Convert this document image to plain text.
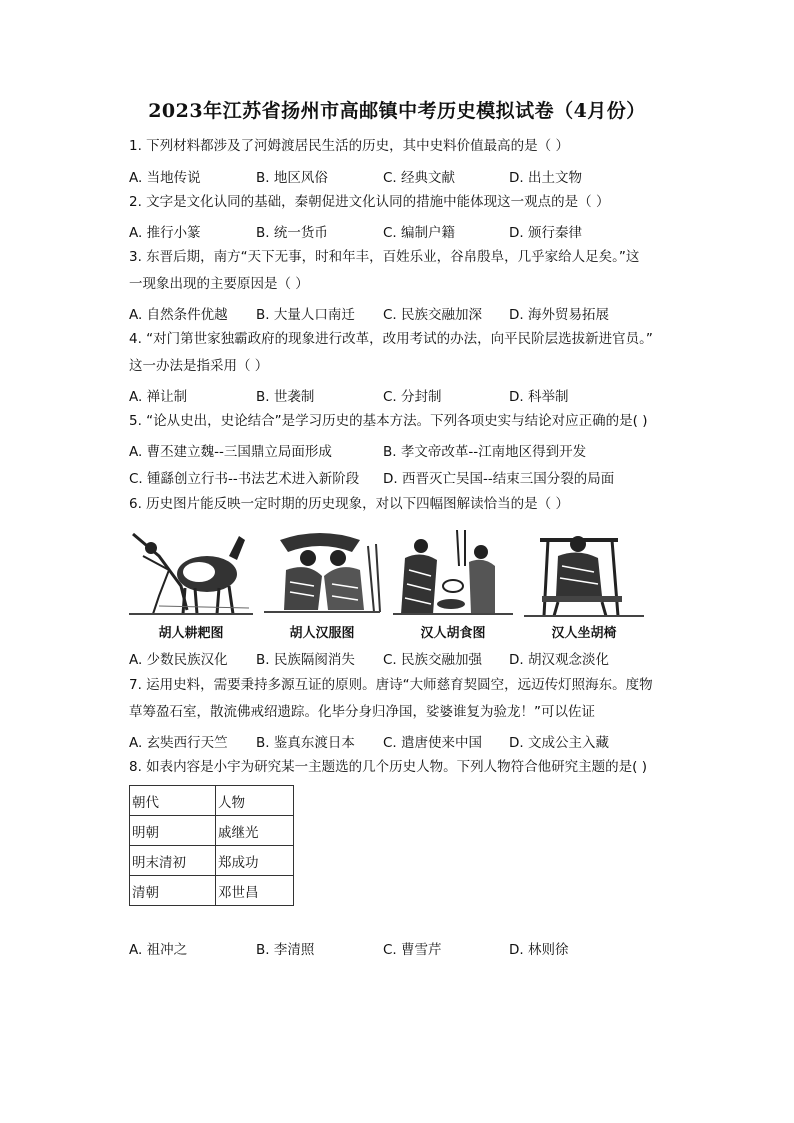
2023年江苏省扬州市高邮镇中考历史模拟试卷（4月份）
1. 下列材料都涉及了河姆渡居民生活的历史，其中史料价值最高的是（ ）
A. 当地传说	B. 地区风俗	C. 经典文献	D. 出土文物
2. 文字是文化认同的基础，秦朝促进文化认同的措施中能体现这一观点的是（ ）
A. 推行小篆	B. 统一货币	C. 编制户籍	D. 颁行秦律
3. 东晋后期，南方“天下无事，时和年丰，百姓乐业，谷帛殷阜，几乎家给人足矣。”这
一现象出现的主要原因是（ ）
A. 自然条件优越 B. 大量人口南迁 C. 民族交融加深 D. 海外贸易拓展
4. “对门第世家独霸政府的现象进行改革，改用考试的办法，向平民阶层选拔新进官员。”
这一办法是指采用（ ）
A. 禅让制	B. 世袭制	C. 分封制	D. 科举制
5. “论从史出，史论结合”是学习历史的基本方法。下列各项史实与结论对应正确的是( )
A. 曹丕建立魏--三国鼎立局面形成	B. 孝文帝改革--江南地区得到开发
C. 锺繇创立行书--书法艺术进入新阶段 D. 西晋灭亡吴国--结束三国分裂的局面
6. 历史图片能反映一定时期的历史现象，对以下四幅图解读恰当的是（ ）
胡人耕耙图	胡人汉服图	汉人胡食图	汉人坐胡椅
A. 少数民族汉化 B. 民族隔阂消失 C. 民族交融加强 D. 胡汉观念淡化
7. 运用史料，需要秉持多源互证的原则。唐诗“大师慈育契圆空，远迈传灯照海东。度物
草筹盈石室，散流佛戒绍遗踪。化毕分身归净国，娑婆谁复为验龙！”可以佐证
A. 玄奘西行天竺 B. 鉴真东渡日本 C. 遣唐使来中国 D. 文成公主入藏
8. 如表内容是小宇为研究某一主题选的几个历史人物。下列人物符合他研究主题的是( )
朝代	人物
明朝	戚继光
明末清初	郑成功
清朝	邓世昌
A. 祖冲之	B. 李清照	C. 曹雪芹	D. 林则徐
